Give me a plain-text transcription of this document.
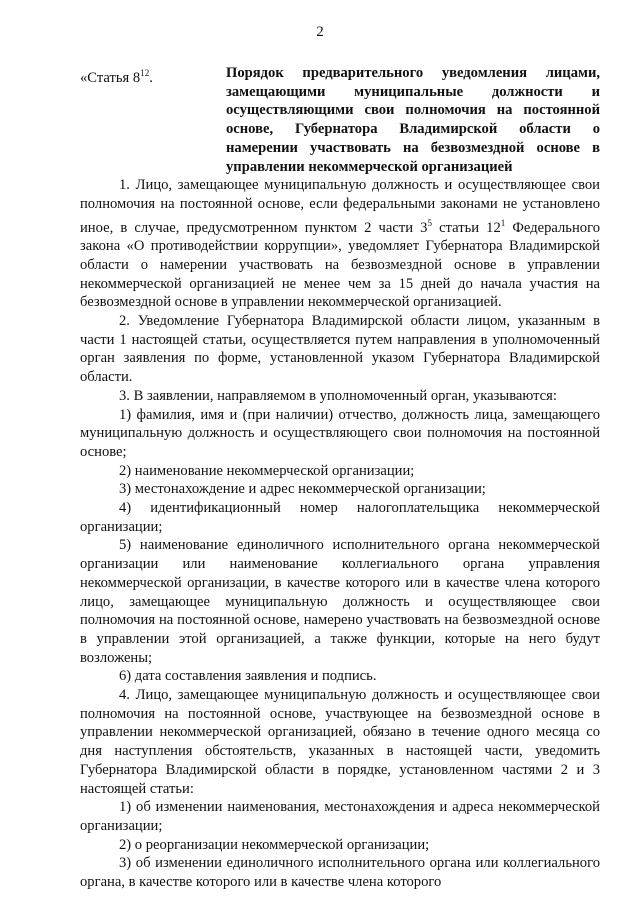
2
«Статья $8^{12}$.	Порядок предварительного уведомления лицами, замещающими муниципальные должности и осуществляющими свои полномочия на постоянной основе, Губернатора Владимирской области о намерении участвовать на безвозмездной основе в управлении некоммерческой организацией

1. Лицо, замещающее муниципальную должность и осуществляющее свои полномочия на постоянной основе, если федеральными законами не установлено иное, в случае, предусмотренном пунктом 2 части $3^5$ статьи $12^1$ Федерального закона «О противодействии коррупции», уведомляет Губернатора Владимирской области о намерении участвовать на безвозмездной основе в управлении некоммерческой организацией не менее чем за 15 дней до начала участия на безвозмездной основе в управлении некоммерческой организацией.

2. Уведомление Губернатора Владимирской области лицом, указанным в части 1 настоящей статьи, осуществляется путем направления в уполномоченный орган заявления по форме, установленной указом Губернатора Владимирской области.

3. В заявлении, направляемом в уполномоченный орган, указываются:

1) фамилия, имя и (при наличии) отчество, должность лица, замещающего муниципальную должность и осуществляющего свои полномочия на постоянной основе;

2) наименование некоммерческой организации;

3) местонахождение и адрес некоммерческой организации;

4) идентификационный номер налогоплательщика некоммерческой организации;

5) наименование единоличного исполнительного органа некоммерческой организации или наименование коллегиального органа управления некоммерческой организации, в качестве которого или в качестве члена которого лицо, замещающее муниципальную должность и осуществляющее свои полномочия на постоянной основе, намерено участвовать на безвозмездной основе в управлении этой организацией, а также функции, которые на него будут возложены;

6) дата составления заявления и подпись.

4. Лицо, замещающее муниципальную должность и осуществляющее свои полномочия на постоянной основе, участвующее на безвозмездной основе в управлении некоммерческой организацией, обязано в течение одного месяца со дня наступления обстоятельств, указанных в настоящей части, уведомить Губернатора Владимирской области в порядке, установленном частями 2 и 3 настоящей статьи:

1) об изменении наименования, местонахождения и адреса некоммерческой организации;

2) о реорганизации некоммерческой организации;

3) об изменении единоличного исполнительного органа или коллегиального органа, в качестве которого или в качестве члена которого
